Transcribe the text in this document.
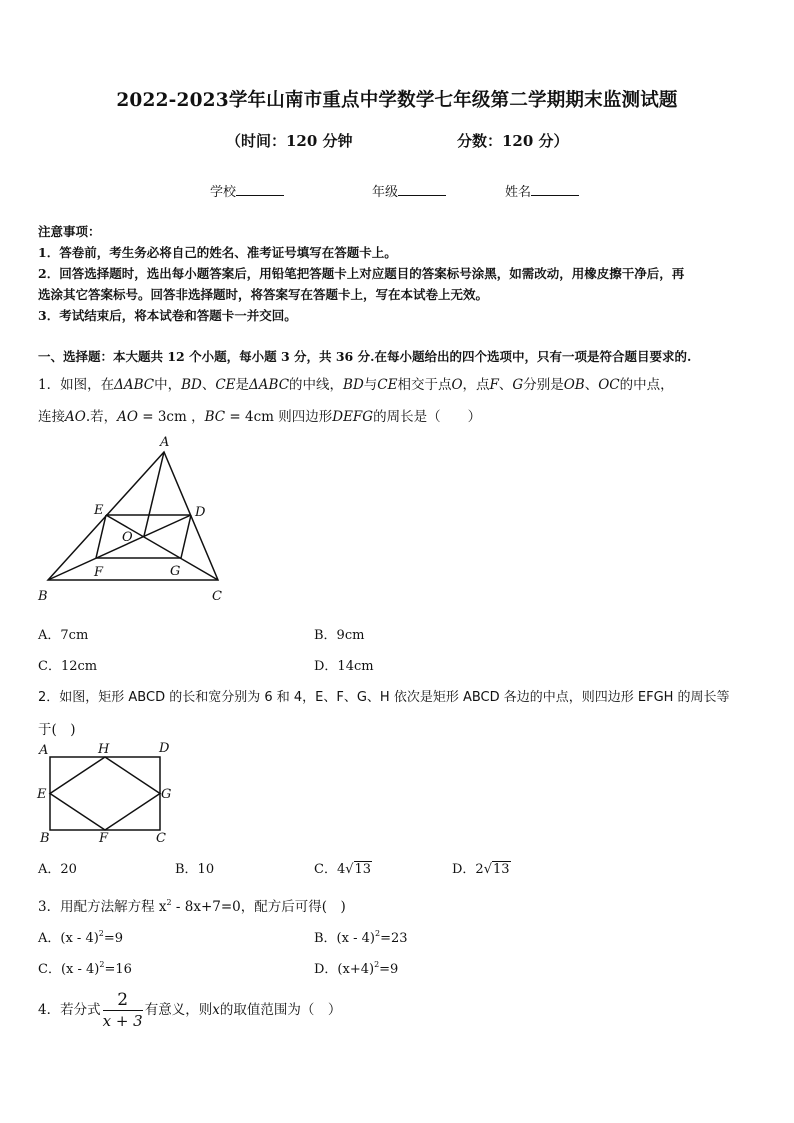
2022-2023学年山南市重点中学数学七年级第二学期期末监测试题
（时间：120 分钟	分数：120 分）
学校	年级	姓名
注意事项：
1．答卷前，考生务必将自己的姓名、准考证号填写在答题卡上。
2．回答选择题时，选出每小题答案后，用铅笔把答题卡上对应题目的答案标号涂黑，如需改动，用橡皮擦干净后，再
选涂其它答案标号。回答非选择题时，将答案写在答题卡上，写在本试卷上无效。
3．考试结束后，将本试卷和答题卡一并交回。
一、选择题：本大题共 12 个小题，每小题 3 分，共 36 分.在每小题给出的四个选项中，只有一项是符合题目要求的.
1．如图，在ΔABC中，BD、CE是ΔABC的中线，BD与CE相交于点O，点F、G分别是OB、OC的中点，
连接AO.若，AO = 3cm ，BC = 4cm 则四边形DEFG的周长是（　　）
A
B	C
D
E
F	G
O
A．7cm	B．9cm
C．12cm	D．14cm
2．如图，矩形 ABCD 的长和宽分别为 6 和 4，E、F、G、H 依次是矩形 ABCD 各边的中点，则四边形 EFGH 的周长等
于(　)
A	H	D
E	G
B	F	C
A．20	B．10	C．4√13	D．2√13
3．用配方法解方程 $x^2 - 8x+7=0$，配方后可得(　)
A．(x - 4)$^2$=9	B．(x - 4)$^2$=23
C．(x - 4)$^2$=16	D．$(x+4)^2=9$
4．若分式 $\frac{2}{x + 3}$ 有意义，则x的取值范围为（　）
